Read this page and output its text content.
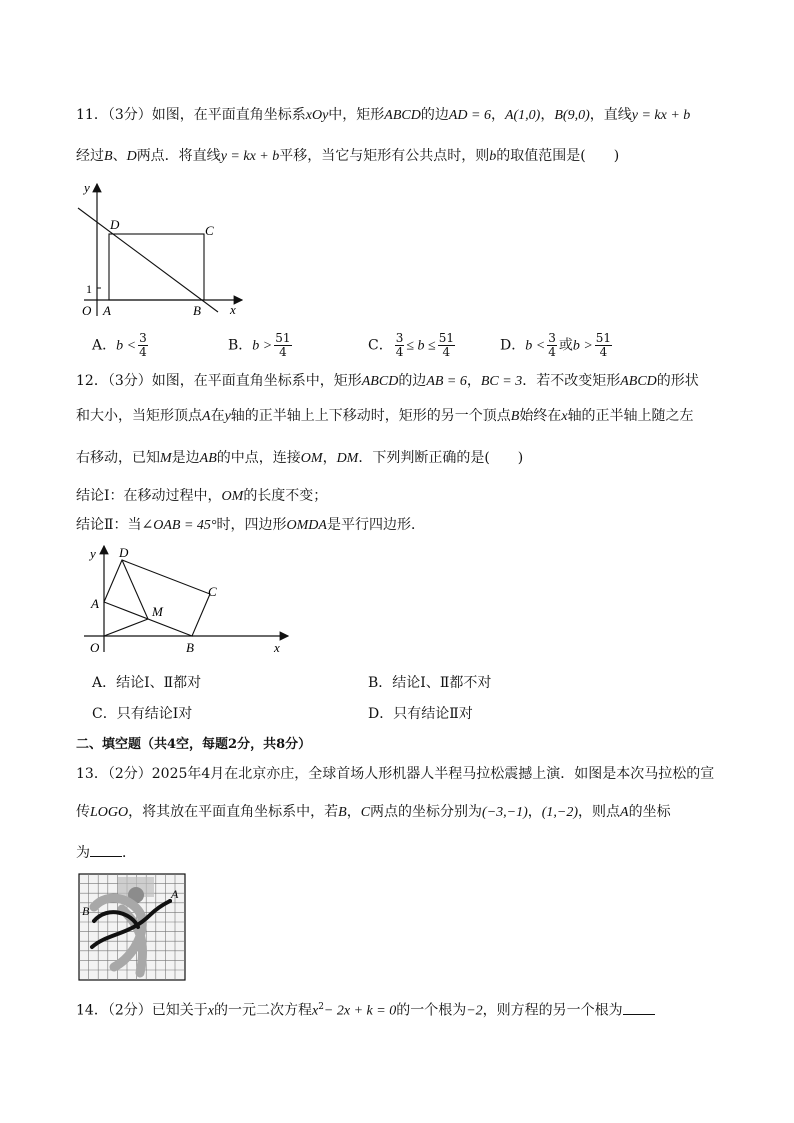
11．（3分）如图，在平面直角坐标系xOy中，矩形ABCD的边AD = 6，A(1,0)，B(9,0)，直线y = kx + b
经过B、D两点．将直线y = kx + b平移，当它与矩形有公共点时，则b的取值范围是(　　)
y
x
O A	B
C
D
1
A．$b < \frac{3}{4}$	B．$b > \frac{51}{4}$	C． $\frac{3}{4} \le b \le \frac{51}{4}$	D．$b < \frac{3}{4}$ 或$b > \frac{51}{4}$
12．（3分）如图，在平面直角坐标系中，矩形ABCD的边AB = 6，BC = 3．若不改变矩形ABCD的形状
和大小，当矩形顶点A在y轴的正半轴上上下移动时，矩形的另一个顶点B始终在x轴的正半轴上随之左
右移动，已知M是边AB的中点，连接OM，DM．下列判断正确的是(　　)
结论Ⅰ：在移动过程中，OM的长度不变；
结论Ⅱ：当∠OAB = 45°时，四边形OMDA是平行四边形．
y
x
O
A
B
C
D
M
A．结论Ⅰ、Ⅱ都对	B．结论Ⅰ、Ⅱ都不对
C．只有结论Ⅰ对	D．只有结论Ⅱ对
二、填空题（共4空，每题2分，共8分）
13．（2分）2025年4月在北京亦庄，全球首场人形机器人半程马拉松震撼上演．如图是本次马拉松的宣
传LOGO，将其放在平面直角坐标系中，若B，C两点的坐标分别为(−3,−1)，(1,−2)，则点A的坐标
为 ．
A
B
14．（2分）已知关于x的一元二次方程$x^2- 2x + k = 0$的一个根为−2，则方程的另一个根为
